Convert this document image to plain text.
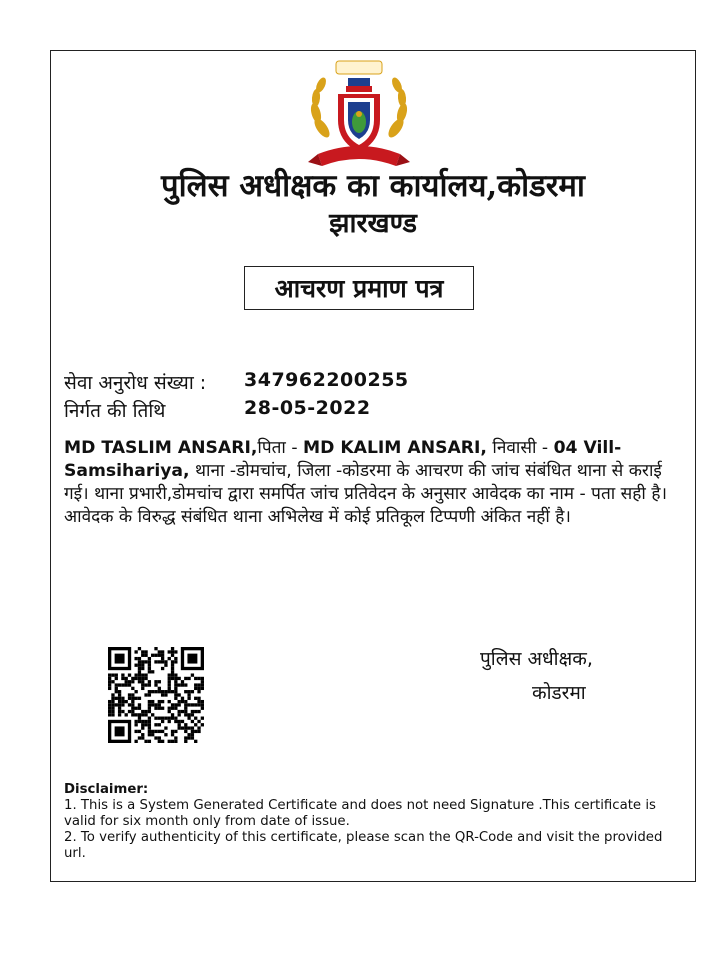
पुलिस अधीक्षक का कार्यालय,कोडरमा
झारखण्ड
आचरण प्रमाण पत्र
सेवा अनुरोध संख्या :	347962200255
निर्गत की तिथि	28-05-2022
MD TASLIM ANSARI,पिता - MD KALIM ANSARI, निवासी - 04 Vill- Samsihariya, थाना -डोमचांच, जिला -कोडरमा के आचरण की जांच संबंधित थाना से कराई गई। थाना प्रभारी,डोमचांच द्वारा समर्पित जांच प्रतिवेदन के अनुसार आवेदक का नाम - पता सही है। आवेदक के विरुद्ध संबंधित थाना अभिलेख में कोई प्रतिकूल टिप्पणी अंकित नहीं है।
पुलिस अधीक्षक,
कोडरमा
Disclaimer:
1. This is a System Generated Certificate and does not need Signature .This certificate is valid for six month only from date of issue.
2. To verify authenticity of this certificate, please scan the QR-Code and visit the provided url.
